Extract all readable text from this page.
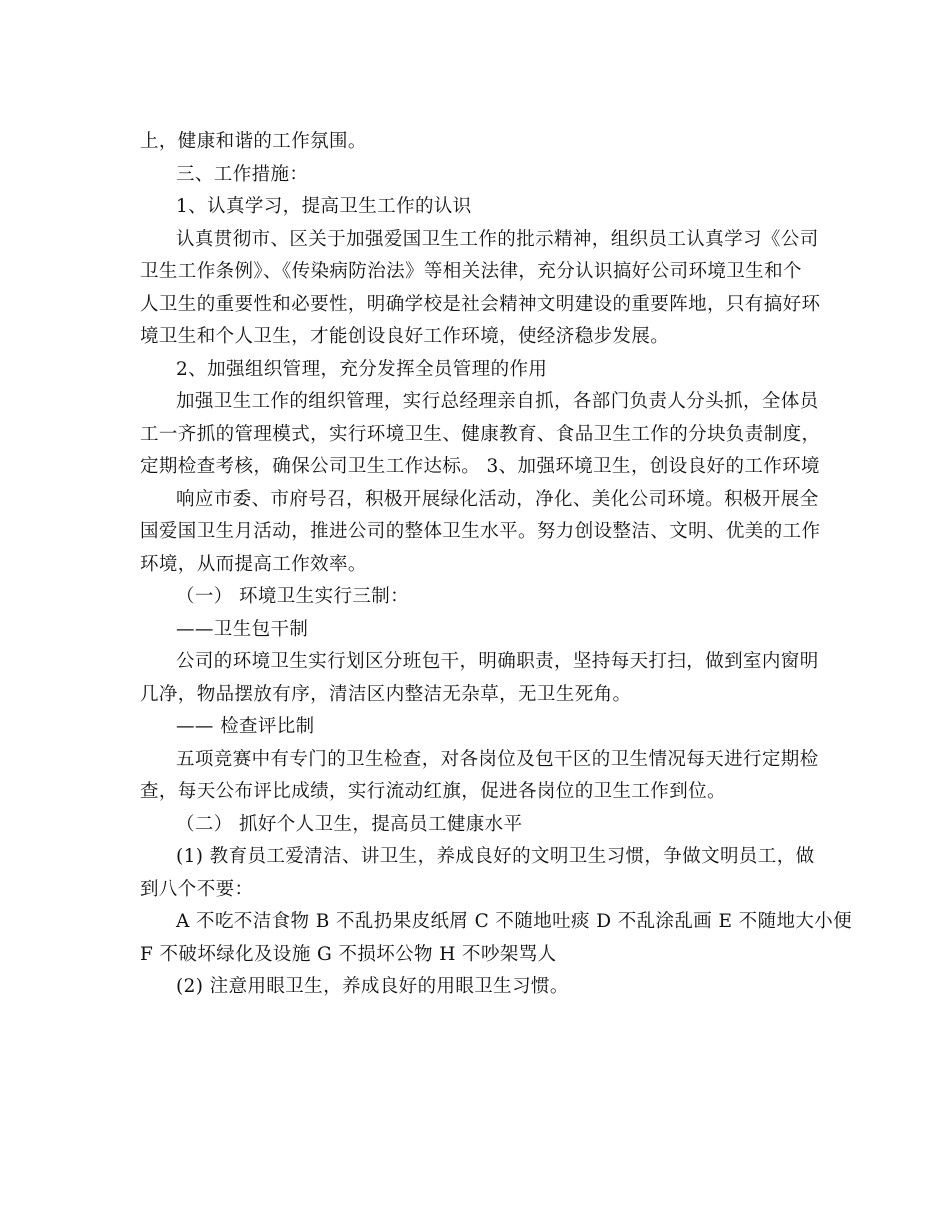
上，健康和谐的工作氛围。

三、工作措施：

1、认真学习，提高卫生工作的认识

认真贯彻市、区关于加强爱国卫生工作的批示精神，组织员工认真学习《公司

卫生工作条例》、《传染病防治法》等相关法律，充分认识搞好公司环境卫生和个

人卫生的重要性和必要性，明确学校是社会精神文明建设的重要阵地，只有搞好环

境卫生和个人卫生，才能创设良好工作环境，使经济稳步发展。

2、加强组织管理，充分发挥全员管理的作用

加强卫生工作的组织管理，实行总经理亲自抓，各部门负责人分头抓，全体员

工一齐抓的管理模式，实行环境卫生、健康教育、食品卫生工作的分块负责制度，

定期检查考核，确保公司卫生工作达标。 3、加强环境卫生，创设良好的工作环境

响应市委、市府号召，积极开展绿化活动，净化、美化公司环境。积极开展全

国爱国卫生月活动，推进公司的整体卫生水平。努力创设整洁、文明、优美的工作

环境，从而提高工作效率。

（一） 环境卫生实行三制：

——卫生包干制

公司的环境卫生实行划区分班包干，明确职责，坚持每天打扫，做到室内窗明

几净，物品摆放有序，清洁区内整洁无杂草，无卫生死角。

—— 检查评比制

五项竞赛中有专门的卫生检查，对各岗位及包干区的卫生情况每天进行定期检

查，每天公布评比成绩，实行流动红旗，促进各岗位的卫生工作到位。

（二） 抓好个人卫生，提高员工健康水平

(1) 教育员工爱清洁、讲卫生，养成良好的文明卫生习惯，争做文明员工，做

到八个不要：

A 不吃不洁食物 B 不乱扔果皮纸屑 C 不随地吐痰 D 不乱涂乱画 E 不随地大小便

F 不破坏绿化及设施 G 不损坏公物 H 不吵架骂人

(2) 注意用眼卫生，养成良好的用眼卫生习惯。
